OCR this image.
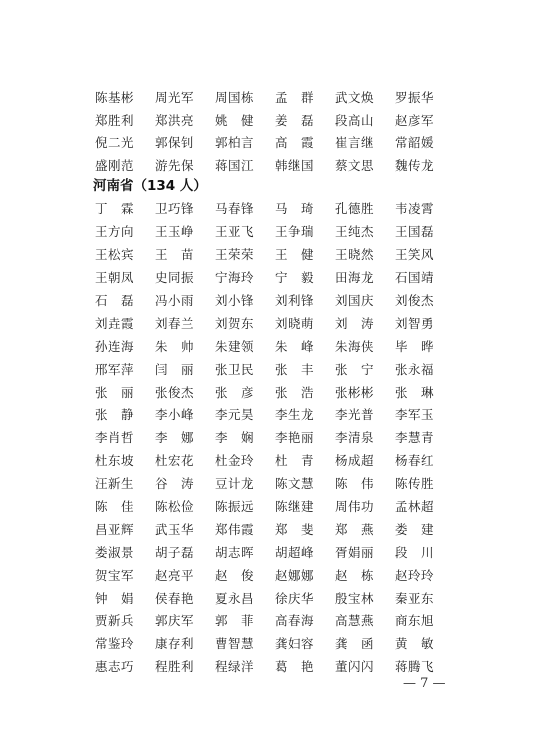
陈基彬	周光军	周国栋	孟　群	武文焕	罗振华
郑胜利	郑洪亮	姚　健	姜　磊	段高山	赵彦军
倪二光	郭保钊	郭柏言	高　霞	崔言继	常韶媛
盛刚范	游先保	蒋国江	韩继国	蔡文思	魏传龙
河南省（134 人）
丁　霖	卫巧锋	马春锋	马　琦	孔德胜	韦凌霄
王方向	王玉峥	王亚飞	王争瑞	王纯杰	王国磊
王松宾	王　苗	王荣荣	王　健	王晓然	王笑风
王朝凤	史同振	宁海玲	宁　毅	田海龙	石国靖
石　磊	冯小雨	刘小锋	刘利锋	刘国庆	刘俊杰
刘垚霞	刘春兰	刘贺东	刘晓萌	刘　涛	刘智勇
孙连海	朱　帅	朱建领	朱　峰	朱海侠	毕　晔
邢军萍	闫　丽	张卫民	张　丰	张　宁	张永福
张　丽	张俊杰	张　彦	张　浩	张彬彬	张　琳
张　静	李小峰	李元昊	李生龙	李光普	李军玉
李肖哲	李　娜	李　娴	李艳丽	李清泉	李慧青
杜东坡	杜宏花	杜金玲	杜　青	杨成超	杨春红
汪新生	谷　涛	豆计龙	陈文慧	陈　伟	陈传胜
陈　佳	陈松俭	陈振远	陈继建	周伟功	孟林超
昌亚辉	武玉华	郑伟霞	郑　斐	郑　燕	娄　建
娄淑景	胡子磊	胡志晖	胡超峰	胥娟丽	段　川
贺宝军	赵亮平	赵　俊	赵娜娜	赵　栋	赵玲玲
钟　娟	侯春艳	夏永昌	徐庆华	殷宝林	秦亚东
贾新兵	郭庆军	郭　菲	高春海	高慧燕	商东旭
常鉴玲	康存利	曹智慧	龚妇容	龚　函	黄　敏
惠志巧	程胜利	程绿洋	葛　艳	董闪闪	蒋腾飞
— 7 —
